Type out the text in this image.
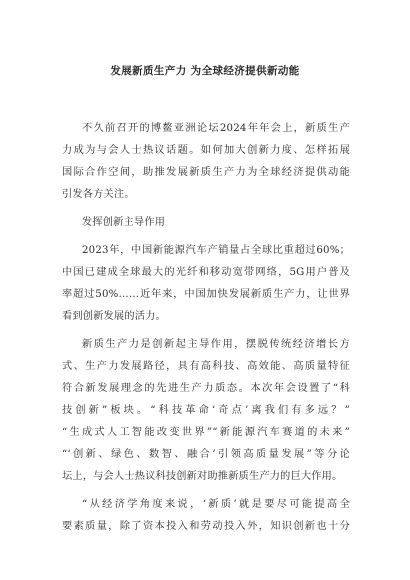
发展新质生产力 为全球经济提供新动能
不久前召开的博鳌亚洲论坛2024年年会上，新质生产
力成为与会人士热议话题。如何加大创新力度、怎样拓展
国际合作空间，助推发展新质生产力为全球经济提供动能
引发各方关注。
发挥创新主导作用
2023年，中国新能源汽车产销量占全球比重超过60%；
中国已建成全球最大的光纤和移动宽带网络，5G用户普及
率超过50%……近年来，中国加快发展新质生产力，让世界
看到创新发展的活力。
新质生产力是创新起主导作用，摆脱传统经济增长方
式、生产力发展路径，具有高科技、高效能、高质量特征
符合新发展理念的先进生产力质态。本次年会设置了“科
技创新”板块。“科技革命‘奇点’离我们有多远？”
“生成式人工智能改变世界”“新能源汽车赛道的未来”
“‘创新、绿色、数智、融合’引领高质量发展”等分论
坛上，与会人士热议科技创新对助推新质生产力的巨大作用。
“从经济学角度来说，‘新质’就是要尽可能提高全
要素质量，除了资本投入和劳动投入外，知识创新也十分
